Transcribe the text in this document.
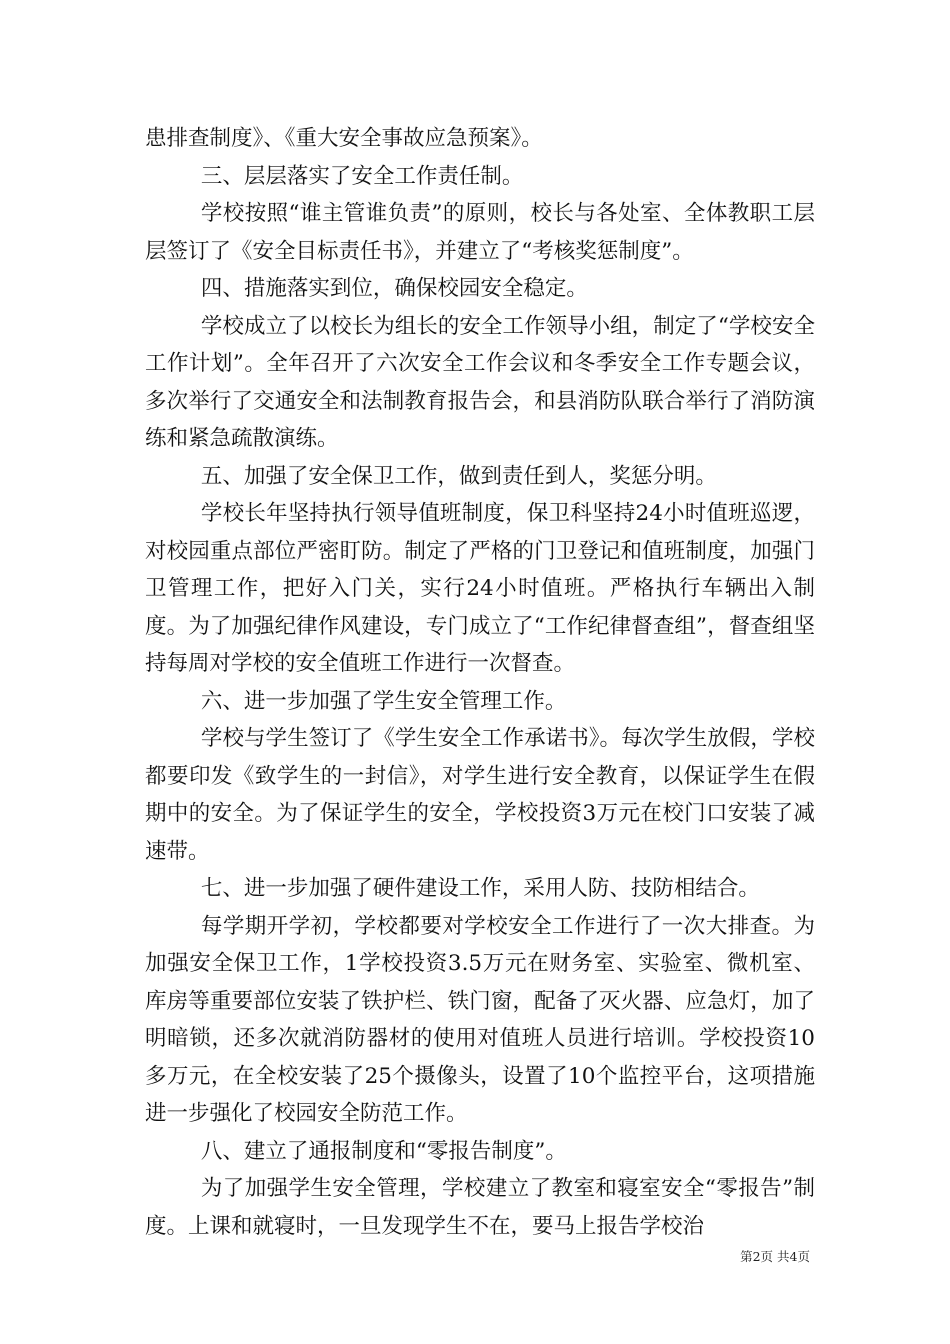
患排查制度》、《重大安全事故应急预案》。

三、层层落实了安全工作责任制。

学校按照“谁主管谁负责”的原则，校长与各处室、全体教职工层层签订了《安全目标责任书》，并建立了“考核奖惩制度”。

四、措施落实到位，确保校园安全稳定。

学校成立了以校长为组长的安全工作领导小组，制定了“学校安全工作计划”。全年召开了六次安全工作会议和冬季安全工作专题会议，多次举行了交通安全和法制教育报告会，和县消防队联合举行了消防演练和紧急疏散演练。

五、加强了安全保卫工作，做到责任到人，奖惩分明。

学校长年坚持执行领导值班制度，保卫科坚持24小时值班巡逻，对校园重点部位严密盯防。制定了严格的门卫登记和值班制度，加强门卫管理工作，把好入门关，实行24小时值班。严格执行车辆出入制度。为了加强纪律作风建设，专门成立了“工作纪律督查组”，督查组坚持每周对学校的安全值班工作进行一次督查。

六、进一步加强了学生安全管理工作。

学校与学生签订了《学生安全工作承诺书》。每次学生放假，学校都要印发《致学生的一封信》，对学生进行安全教育，以保证学生在假期中的安全。为了保证学生的安全，学校投资3万元在校门口安装了减速带。

七、进一步加强了硬件建设工作，采用人防、技防相结合。

每学期开学初，学校都要对学校安全工作进行了一次大排查。为加强安全保卫工作，1学校投资3.5万元在财务室、实验室、微机室、库房等重要部位安装了铁护栏、铁门窗，配备了灭火器、应急灯，加了明暗锁，还多次就消防器材的使用对值班人员进行培训。学校投资10多万元，在全校安装了25个摄像头，设置了10个监控平台，这项措施进一步强化了校园安全防范工作。

八、建立了通报制度和“零报告制度”。

为了加强学生安全管理，学校建立了教室和寝室安全“零报告”制度。上课和就寝时，一旦发现学生不在，要马上报告学校治

第2页 共4页
